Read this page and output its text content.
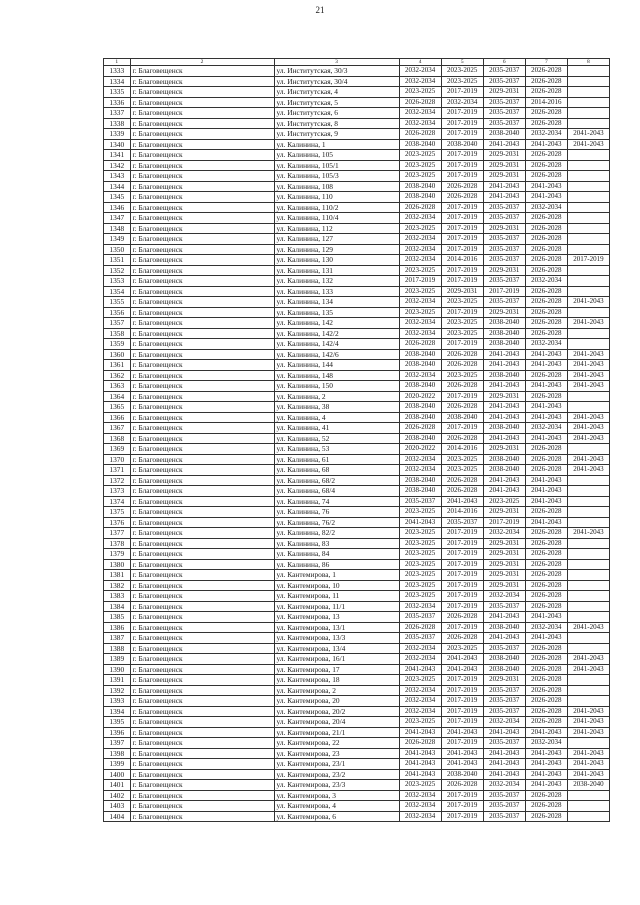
21
1	2	3	4	5	6	7	8
1333	г. Благовещенск	ул. Институтская, 30/3	2032-2034	2023-2025	2035-2037	2026-2028	
1334	г. Благовещенск	ул. Институтская, 30/4	2032-2034	2023-2025	2035-2037	2026-2028	
1335	г. Благовещенск	ул. Институтская, 4	2023-2025	2017-2019	2029-2031	2026-2028	
1336	г. Благовещенск	ул. Институтская, 5	2026-2028	2032-2034	2035-2037	2014-2016	
1337	г. Благовещенск	ул. Институтская, 6	2032-2034	2017-2019	2035-2037	2026-2028	
1338	г. Благовещенск	ул. Институтская, 8	2032-2034	2017-2019	2035-2037	2026-2028	
1339	г. Благовещенск	ул. Институтская, 9	2026-2028	2017-2019	2038-2040	2032-2034	2041-2043
1340	г. Благовещенск	ул. Калинина, 1	2038-2040	2038-2040	2041-2043	2041-2043	2041-2043
1341	г. Благовещенск	ул. Калинина, 105	2023-2025	2017-2019	2029-2031	2026-2028	
1342	г. Благовещенск	ул. Калинина, 105/1	2023-2025	2017-2019	2029-2031	2026-2028	
1343	г. Благовещенск	ул. Калинина, 105/3	2023-2025	2017-2019	2029-2031	2026-2028	
1344	г. Благовещенск	ул. Калинина, 108	2038-2040	2026-2028	2041-2043	2041-2043	
1345	г. Благовещенск	ул. Калинина, 110	2038-2040	2026-2028	2041-2043	2041-2043	
1346	г. Благовещенск	ул. Калинина, 110/2	2026-2028	2017-2019	2035-2037	2032-2034	
1347	г. Благовещенск	ул. Калинина, 110/4	2032-2034	2017-2019	2035-2037	2026-2028	
1348	г. Благовещенск	ул. Калинина, 112	2023-2025	2017-2019	2029-2031	2026-2028	
1349	г. Благовещенск	ул. Калинина, 127	2032-2034	2017-2019	2035-2037	2026-2028	
1350	г. Благовещенск	ул. Калинина, 129	2032-2034	2017-2019	2035-2037	2026-2028	
1351	г. Благовещенск	ул. Калинина, 130	2032-2034	2014-2016	2035-2037	2026-2028	2017-2019
1352	г. Благовещенск	ул. Калинина, 131	2023-2025	2017-2019	2029-2031	2026-2028	
1353	г. Благовещенск	ул. Калинина, 132	2017-2019	2017-2019	2035-2037	2032-2034	
1354	г. Благовещенск	ул. Калинина, 133	2023-2025	2029-2031	2017-2019	2026-2028	
1355	г. Благовещенск	ул. Калинина, 134	2032-2034	2023-2025	2035-2037	2026-2028	2041-2043
1356	г. Благовещенск	ул. Калинина, 135	2023-2025	2017-2019	2029-2031	2026-2028	
1357	г. Благовещенск	ул. Калинина, 142	2032-2034	2023-2025	2038-2040	2026-2028	2041-2043
1358	г. Благовещенск	ул. Калинина, 142/2	2032-2034	2023-2025	2038-2040	2026-2028	
1359	г. Благовещенск	ул. Калинина, 142/4	2026-2028	2017-2019	2038-2040	2032-2034	
1360	г. Благовещенск	ул. Калинина, 142/6	2038-2040	2026-2028	2041-2043	2041-2043	2041-2043
1361	г. Благовещенск	ул. Калинина, 144	2038-2040	2026-2028	2041-2043	2041-2043	2041-2043
1362	г. Благовещенск	ул. Калинина, 148	2032-2034	2023-2025	2038-2040	2026-2028	2041-2043
1363	г. Благовещенск	ул. Калинина, 150	2038-2040	2026-2028	2041-2043	2041-2043	2041-2043
1364	г. Благовещенск	ул. Калинина, 2	2020-2022	2017-2019	2029-2031	2026-2028	
1365	г. Благовещенск	ул. Калинина, 38	2038-2040	2026-2028	2041-2043	2041-2043	
1366	г. Благовещенск	ул. Калинина, 4	2038-2040	2038-2040	2041-2043	2041-2043	2041-2043
1367	г. Благовещенск	ул. Калинина, 41	2026-2028	2017-2019	2038-2040	2032-2034	2041-2043
1368	г. Благовещенск	ул. Калинина, 52	2038-2040	2026-2028	2041-2043	2041-2043	2041-2043
1369	г. Благовещенск	ул. Калинина, 53	2020-2022	2014-2016	2029-2031	2026-2028	
1370	г. Благовещенск	ул. Калинина, 61	2032-2034	2023-2025	2038-2040	2026-2028	2041-2043
1371	г. Благовещенск	ул. Калинина, 68	2032-2034	2023-2025	2038-2040	2026-2028	2041-2043
1372	г. Благовещенск	ул. Калинина, 68/2	2038-2040	2026-2028	2041-2043	2041-2043	
1373	г. Благовещенск	ул. Калинина, 68/4	2038-2040	2026-2028	2041-2043	2041-2043	
1374	г. Благовещенск	ул. Калинина, 74	2035-2037	2041-2043	2023-2025	2041-2043	
1375	г. Благовещенск	ул. Калинина, 76	2023-2025	2014-2016	2029-2031	2026-2028	
1376	г. Благовещенск	ул. Калинина, 76/2	2041-2043	2035-2037	2017-2019	2041-2043	
1377	г. Благовещенск	ул. Калинина, 82/2	2023-2025	2017-2019	2032-2034	2026-2028	2041-2043
1378	г. Благовещенск	ул. Калинина, 83	2023-2025	2017-2019	2029-2031	2026-2028	
1379	г. Благовещенск	ул. Калинина, 84	2023-2025	2017-2019	2029-2031	2026-2028	
1380	г. Благовещенск	ул. Калинина, 86	2023-2025	2017-2019	2029-2031	2026-2028	
1381	г. Благовещенск	ул. Кантемирова, 1	2023-2025	2017-2019	2029-2031	2026-2028	
1382	г. Благовещенск	ул. Кантемирова, 10	2023-2025	2017-2019	2029-2031	2026-2028	
1383	г. Благовещенск	ул. Кантемирова, 11	2023-2025	2017-2019	2032-2034	2026-2028	
1384	г. Благовещенск	ул. Кантемирова, 11/1	2032-2034	2017-2019	2035-2037	2026-2028	
1385	г. Благовещенск	ул. Кантемирова, 13	2035-2037	2026-2028	2041-2043	2041-2043	
1386	г. Благовещенск	ул. Кантемирова, 13/1	2026-2028	2017-2019	2038-2040	2032-2034	2041-2043
1387	г. Благовещенск	ул. Кантемирова, 13/3	2035-2037	2026-2028	2041-2043	2041-2043	
1388	г. Благовещенск	ул. Кантемирова, 13/4	2032-2034	2023-2025	2035-2037	2026-2028	
1389	г. Благовещенск	ул. Кантемирова, 16/1	2032-2034	2041-2043	2038-2040	2026-2028	2041-2043
1390	г. Благовещенск	ул. Кантемирова, 17	2041-2043	2041-2043	2038-2040	2026-2028	2041-2043
1391	г. Благовещенск	ул. Кантемирова, 18	2023-2025	2017-2019	2029-2031	2026-2028	
1392	г. Благовещенск	ул. Кантемирова, 2	2032-2034	2017-2019	2035-2037	2026-2028	
1393	г. Благовещенск	ул. Кантемирова, 20	2032-2034	2017-2019	2035-2037	2026-2028	
1394	г. Благовещенск	ул. Кантемирова, 20/2	2032-2034	2017-2019	2035-2037	2026-2028	2041-2043
1395	г. Благовещенск	ул. Кантемирова, 20/4	2023-2025	2017-2019	2032-2034	2026-2028	2041-2043
1396	г. Благовещенск	ул. Кантемирова, 21/1	2041-2043	2041-2043	2041-2043	2041-2043	2041-2043
1397	г. Благовещенск	ул. Кантемирова, 22	2026-2028	2017-2019	2035-2037	2032-2034	
1398	г. Благовещенск	ул. Кантемирова, 23	2041-2043	2041-2043	2041-2043	2041-2043	2041-2043
1399	г. Благовещенск	ул. Кантемирова, 23/1	2041-2043	2041-2043	2041-2043	2041-2043	2041-2043
1400	г. Благовещенск	ул. Кантемирова, 23/2	2041-2043	2038-2040	2041-2043	2041-2043	2041-2043
1401	г. Благовещенск	ул. Кантемирова, 23/3	2023-2025	2026-2028	2032-2034	2041-2043	2038-2040
1402	г. Благовещенск	ул. Кантемирова, 3	2032-2034	2017-2019	2035-2037	2026-2028	
1403	г. Благовещенск	ул. Кантемирова, 4	2032-2034	2017-2019	2035-2037	2026-2028	
1404	г. Благовещенск	ул. Кантемирова, 6	2032-2034	2017-2019	2035-2037	2026-2028	
